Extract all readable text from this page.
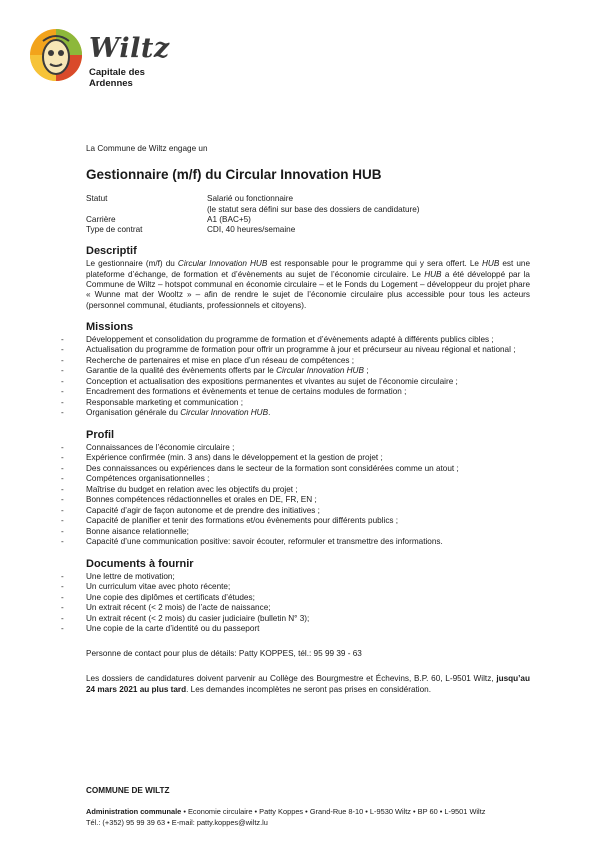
Wiltz
Capitale des Ardennes

La Commune de Wiltz engage un

Gestionnaire (m/f) du Circular Innovation HUB
Statut	Salarié ou fonctionnaire
(le statut sera défini sur base des dossiers de candidature)
Carrière	A1 (BAC+5)
Type de contrat	CDI, 40 heures/semaine
Descriptif

Le gestionnaire (m/f) du Circular Innovation HUB est responsable pour le programme qui y sera offert. Le HUB est une plateforme d’échange, de formation et d’évènements au sujet de l’économie circulaire. Le HUB a été développé par la Commune de Wiltz – hotspot communal en économie circulaire – et le Fonds du Logement – développeur du projet phare « Wunne mat der Wooltz » – afin de rendre le sujet de l’économie circulaire plus accessible pour tous les acteurs (personnel communal, étudiants, professionnels et citoyens).

Missions
- Développement et consolidation du programme de formation et d’évènements adapté à différents publics cibles ;
- Actualisation du programme de formation pour offrir un programme à jour et précurseur au niveau régional et national ;
- Recherche de partenaires et mise en place d’un réseau de compétences ;
- Garantie de la qualité des évènements offerts par le Circular Innovation HUB ;
- Conception et actualisation des expositions permanentes et vivantes au sujet de l’économie circulaire ;
- Encadrement des formations et évènements et tenue de certains modules de formation ;
- Responsable marketing et communication ;
- Organisation générale du Circular Innovation HUB.
Profil
- Connaissances de l’économie circulaire ;
- Expérience confirmée (min. 3 ans) dans le développement et la gestion de projet ;
- Des connaissances ou expériences dans le secteur de la formation sont considérées comme un atout ;
- Compétences organisationnelles ;
- Maîtrise du budget en relation avec les objectifs du projet ;
- Bonnes compétences rédactionnelles et orales en DE, FR, EN ;
- Capacité d’agir de façon autonome et de prendre des initiatives ;
- Capacité de planifier et tenir des formations et/ou évènements pour différents publics ;
- Bonne aisance relationnelle;
- Capacité d’une communication positive: savoir écouter, reformuler et transmettre des informations.
Documents à fournir
- Une lettre de motivation;
- Un curriculum vitae avec photo récente;
- Une copie des diplômes et certificats d’études;
- Un extrait récent (< 2 mois) de l’acte de naissance;
- Un extrait récent (< 2 mois) du casier judiciaire (bulletin N° 3);
- Une copie de la carte d’identité ou du passeport

Personne de contact pour plus de détails: Patty KOPPES, tél.: 95 99 39 - 63

Les dossiers de candidatures doivent parvenir au Collège des Bourgmestre et Échevins, B.P. 60, L-9501 Wiltz, jusqu’au 24 mars 2021 au plus tard. Les demandes incomplètes ne seront pas prises en considération.

COMMUNE DE WILTZ
Administration communale • Economie circulaire • Patty Koppes • Grand-Rue 8-10 • L-9530 Wiltz • BP 60 • L-9501 Wiltz
Tél.: (+352) 95 99 39 63 • E-mail: patty.koppes@wiltz.lu
